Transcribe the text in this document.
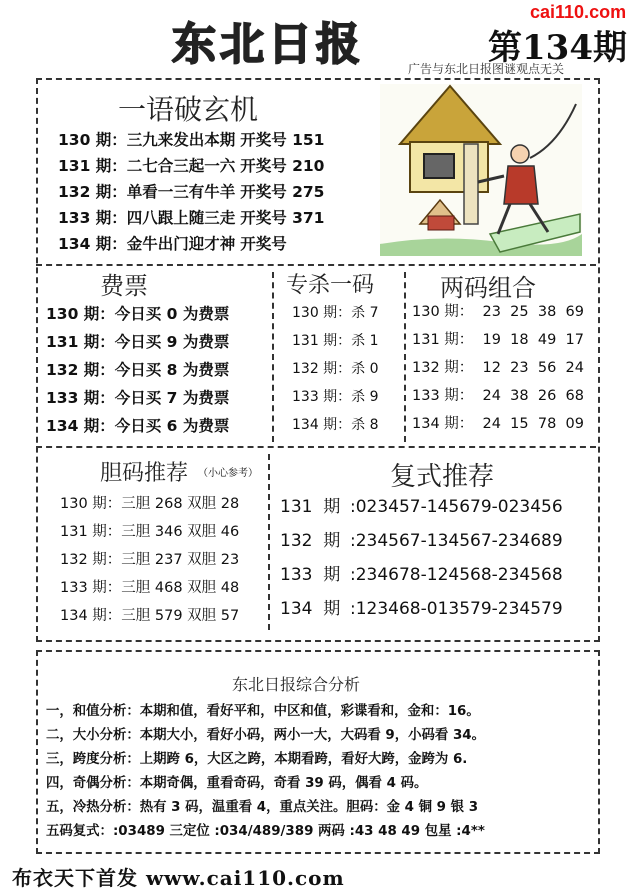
东北日报	第134期
cai110.com
广告与东北日报图谜观点无关
一语破玄机
130 期：三九来发出本期 开奖号 151
131 期：二七合三起一六 开奖号 210
132 期：单看一三有牛羊 开奖号 275
133 期：四八跟上随三走 开奖号 371
134 期：金牛出门迎才神 开奖号
费票
130 期：今日买 0 为费票
131 期：今日买 9 为费票
132 期：今日买 8 为费票
133 期：今日买 7 为费票
134 期：今日买 6 为费票
专杀一码
130 期：杀 7
131 期：杀 1
132 期：杀 0
133 期：杀 9
134 期：杀 8
两码组合
130 期：  23  25  38  69
131 期：  19  18  49  17
132 期：  12  23  56  24
133 期：  24  38  26  68
134 期：  24  15  78  09
胆码推荐 （小心参考）
130 期：三胆 268 双胆 28
131 期：三胆 346 双胆 46
132 期：三胆 237 双胆 23
133 期：三胆 468 双胆 48
134 期：三胆 579 双胆 57
复式推荐
131  期 :023457-145679-023456
132  期 :234567-134567-234689
133  期 :234678-124568-234568
134  期 :123468-013579-234579
东北日报综合分析
一，和值分析：本期和值，看好平和，中区和值，彩谍看和，金和：16。
二，大小分析：本期大小，看好小码，两小一大，大码看 9，小码看 34。
三，跨度分析：上期跨 6，大区之跨，本期看跨，看好大跨，金跨为 6.
四，奇偶分析：本期奇偶，重看奇码，奇看 39 码，偶看 4 码。
五，冷热分析：热有 3 码，温重看 4，重点关注。胆码：金 4 铜 9 银 3
五码复式：:03489 三定位 :034/489/389 两码 :43 48 49 包星 :4**
布衣天下首发 www.cai110.com
